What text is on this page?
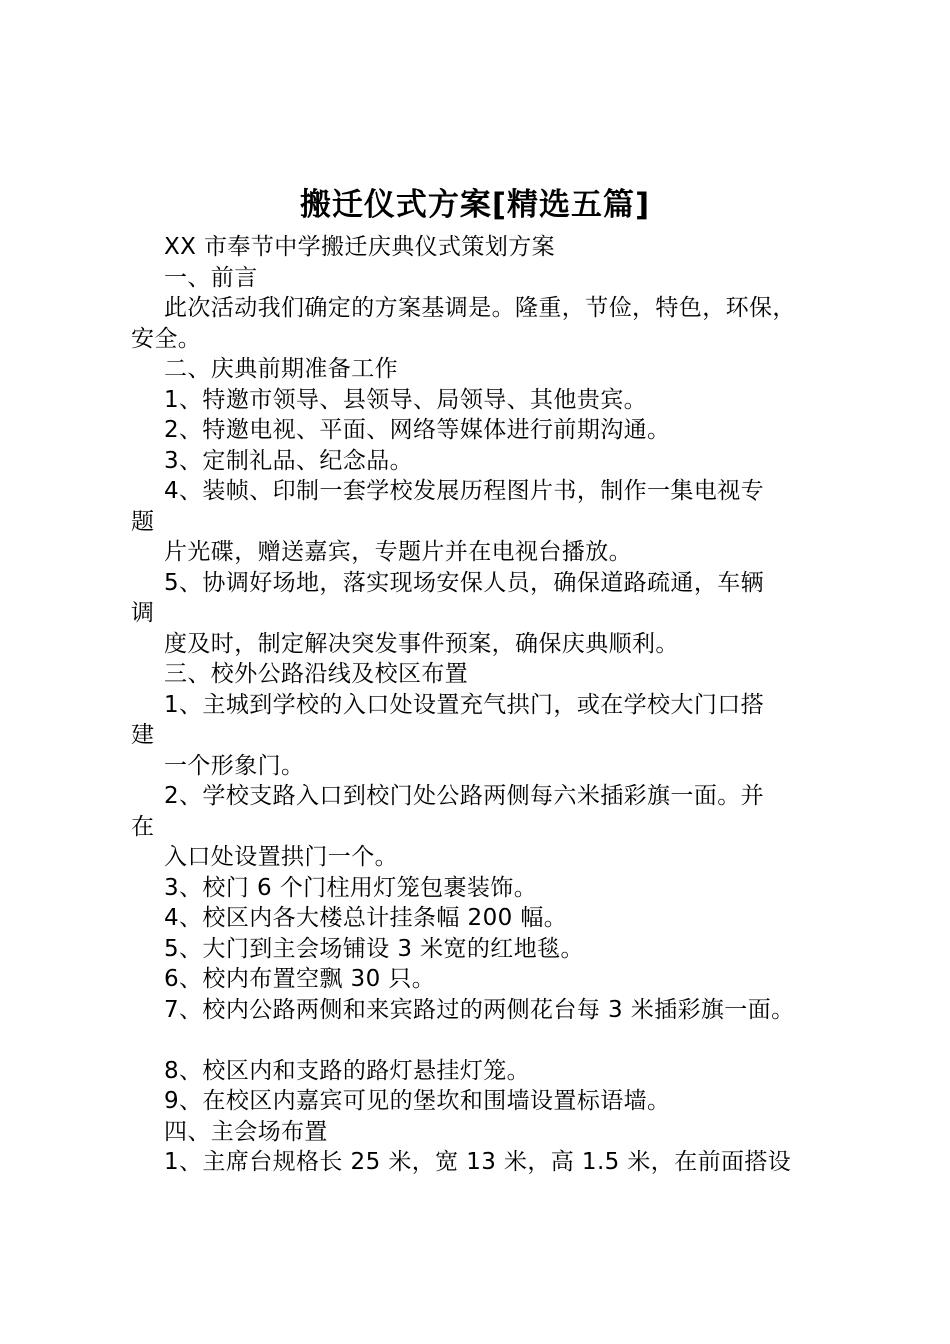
搬迁仪式方案[精选五篇]
XX 市奉节中学搬迁庆典仪式策划方案
一、前言
此次活动我们确定的方案基调是。隆重，节俭，特色，环保，
安全。
二、庆典前期准备工作
1、特邀市领导、县领导、局领导、其他贵宾。
2、特邀电视、平面、网络等媒体进行前期沟通。
3、定制礼品、纪念品。
4、装帧、印制一套学校发展历程图片书，制作一集电视专
题
片光碟，赠送嘉宾，专题片并在电视台播放。
5、协调好场地，落实现场安保人员，确保道路疏通，车辆
调
度及时，制定解决突发事件预案，确保庆典顺利。
三、校外公路沿线及校区布置
1、主城到学校的入口处设置充气拱门，或在学校大门口搭
建
一个形象门。
2、学校支路入口到校门处公路两侧每六米插彩旗一面。并
在
入口处设置拱门一个。
3、校门 6 个门柱用灯笼包裹装饰。
4、校区内各大楼总计挂条幅 200 幅。
5、大门到主会场铺设 3 米宽的红地毯。
6、校内布置空飘 30 只。
7、校内公路两侧和来宾路过的两侧花台每 3 米插彩旗一面。
8、校区内和支路的路灯悬挂灯笼。
9、在校区内嘉宾可见的堡坎和围墙设置标语墙。
四、主会场布置
1、主席台规格长 25 米，宽 13 米，高 1.5 米，在前面搭设
